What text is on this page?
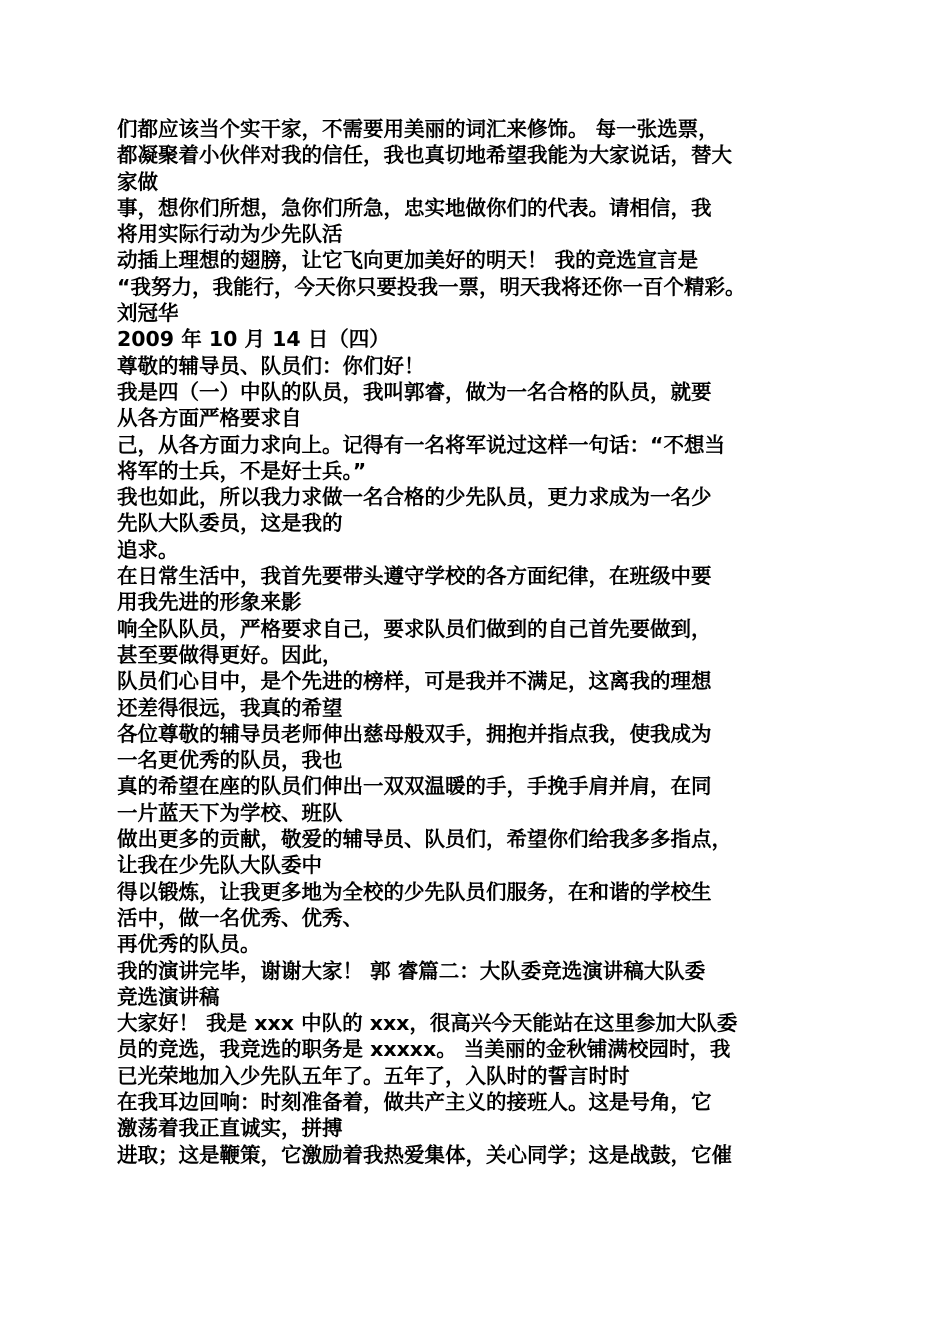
们都应该当个实干家，不需要用美丽的词汇来修饰。 每一张选票，
都凝聚着小伙伴对我的信任，我也真切地希望我能为大家说话，替大
家做
事，想你们所想，急你们所急，忠实地做你们的代表。请相信，我
将用实际行动为少先队活
动插上理想的翅膀，让它飞向更加美好的明天！ 我的竞选宣言是
“我努力，我能行，今天你只要投我一票，明天我将还你一百个精彩。
刘冠华
2009 年 10 月 14 日（四）
尊敬的辅导员、队员们：你们好！
我是四（一）中队的队员，我叫郭睿，做为一名合格的队员，就要
从各方面严格要求自
己，从各方面力求向上。记得有一名将军说过这样一句话：“不想当
将军的士兵，不是好士兵。”
我也如此，所以我力求做一名合格的少先队员，更力求成为一名少
先队大队委员，这是我的
追求。
在日常生活中，我首先要带头遵守学校的各方面纪律，在班级中要
用我先进的形象来影
响全队队员，严格要求自己，要求队员们做到的自己首先要做到，
甚至要做得更好。因此，
队员们心目中，是个先进的榜样，可是我并不满足，这离我的理想
还差得很远，我真的希望
各位尊敬的辅导员老师伸出慈母般双手，拥抱并指点我，使我成为
一名更优秀的队员，我也
真的希望在座的队员们伸出一双双温暖的手，手挽手肩并肩，在同
一片蓝天下为学校、班队
做出更多的贡献，敬爱的辅导员、队员们，希望你们给我多多指点，
让我在少先队大队委中
得以锻炼，让我更多地为全校的少先队员们服务，在和谐的学校生
活中，做一名优秀、优秀、
再优秀的队员。
我的演讲完毕，谢谢大家！ 郭 睿篇二：大队委竞选演讲稿大队委
竞选演讲稿
大家好！ 我是 xxx 中队的 xxx，很高兴今天能站在这里参加大队委
员的竞选，我竞选的职务是 xxxxx。 当美丽的金秋铺满校园时，我
已光荣地加入少先队五年了。五年了，入队时的誓言时时
在我耳边回响：时刻准备着，做共产主义的接班人。这是号角，它
激荡着我正直诚实，拼搏
进取；这是鞭策，它激励着我热爱集体，关心同学；这是战鼓，它催
